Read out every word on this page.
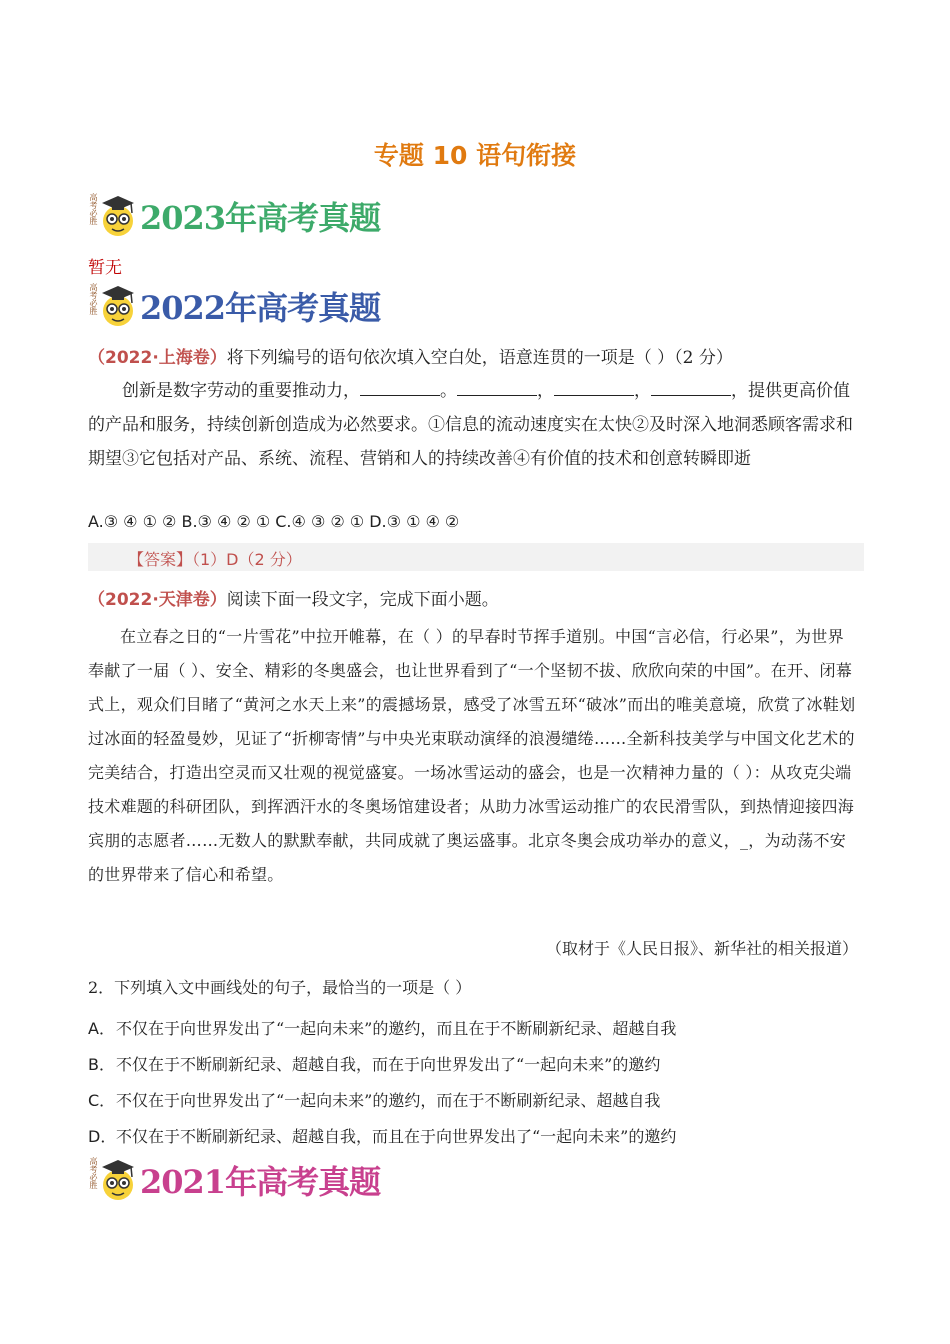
专题 10 语句衔接
高考必胜 2023年高考真题
暂无
高考必胜 2022年高考真题
（2022·上海卷）将下列编号的语句依次填入空白处，语意连贯的一项是（ ）（2 分）
创新是数字劳动的重要推动力，	。	，	，	，提供更高价值的产品和服务，持续创新创造成为必然要求。①信息的流动速度实在太快②及时深入地洞悉顾客需求和期望③它包括对产品、系统、流程、营销和人的持续改善④有价值的技术和创意转瞬即逝
A.③ ④ ① ② B.③ ④ ② ① C.④ ③ ② ① D.③ ① ④ ②
【答案】（1）D（2 分）
（2022·天津卷）阅读下面一段文字，完成下面小题。
在立春之日的“一片雪花”中拉开帷幕，在（ ）的早春时节挥手道别。中国“言必信，行必果”，为世界奉献了一届（ ）、安全、精彩的冬奥盛会，也让世界看到了“一个坚韧不拔、欣欣向荣的中国”。在开、闭幕式上，观众们目睹了“黄河之水天上来”的震撼场景，感受了冰雪五环“破冰”而出的唯美意境，欣赏了冰鞋划过冰面的轻盈曼妙，见证了“折柳寄情”与中央光束联动演绎的浪漫缱绻……全新科技美学与中国文化艺术的完美结合，打造出空灵而又壮观的视觉盛宴。一场冰雪运动的盛会，也是一次精神力量的（ ）：从攻克尖端技术难题的科研团队，到挥洒汗水的冬奥场馆建设者；从助力冰雪运动推广的农民滑雪队，到热情迎接四海宾朋的志愿者……无数人的默默奉献，共同成就了奥运盛事。北京冬奥会成功举办的意义，_，为动荡不安的世界带来了信心和希望。
（取材于《人民日报》、新华社的相关报道）
2．下列填入文中画线处的句子，最恰当的一项是（ ）
A．不仅在于向世界发出了“一起向未来”的邀约，而且在于不断刷新纪录、超越自我
B．不仅在于不断刷新纪录、超越自我，而在于向世界发出了“一起向未来”的邀约
C．不仅在于向世界发出了“一起向未来”的邀约，而在于不断刷新纪录、超越自我
D．不仅在于不断刷新纪录、超越自我，而且在于向世界发出了“一起向未来”的邀约
高考必胜 2021年高考真题
